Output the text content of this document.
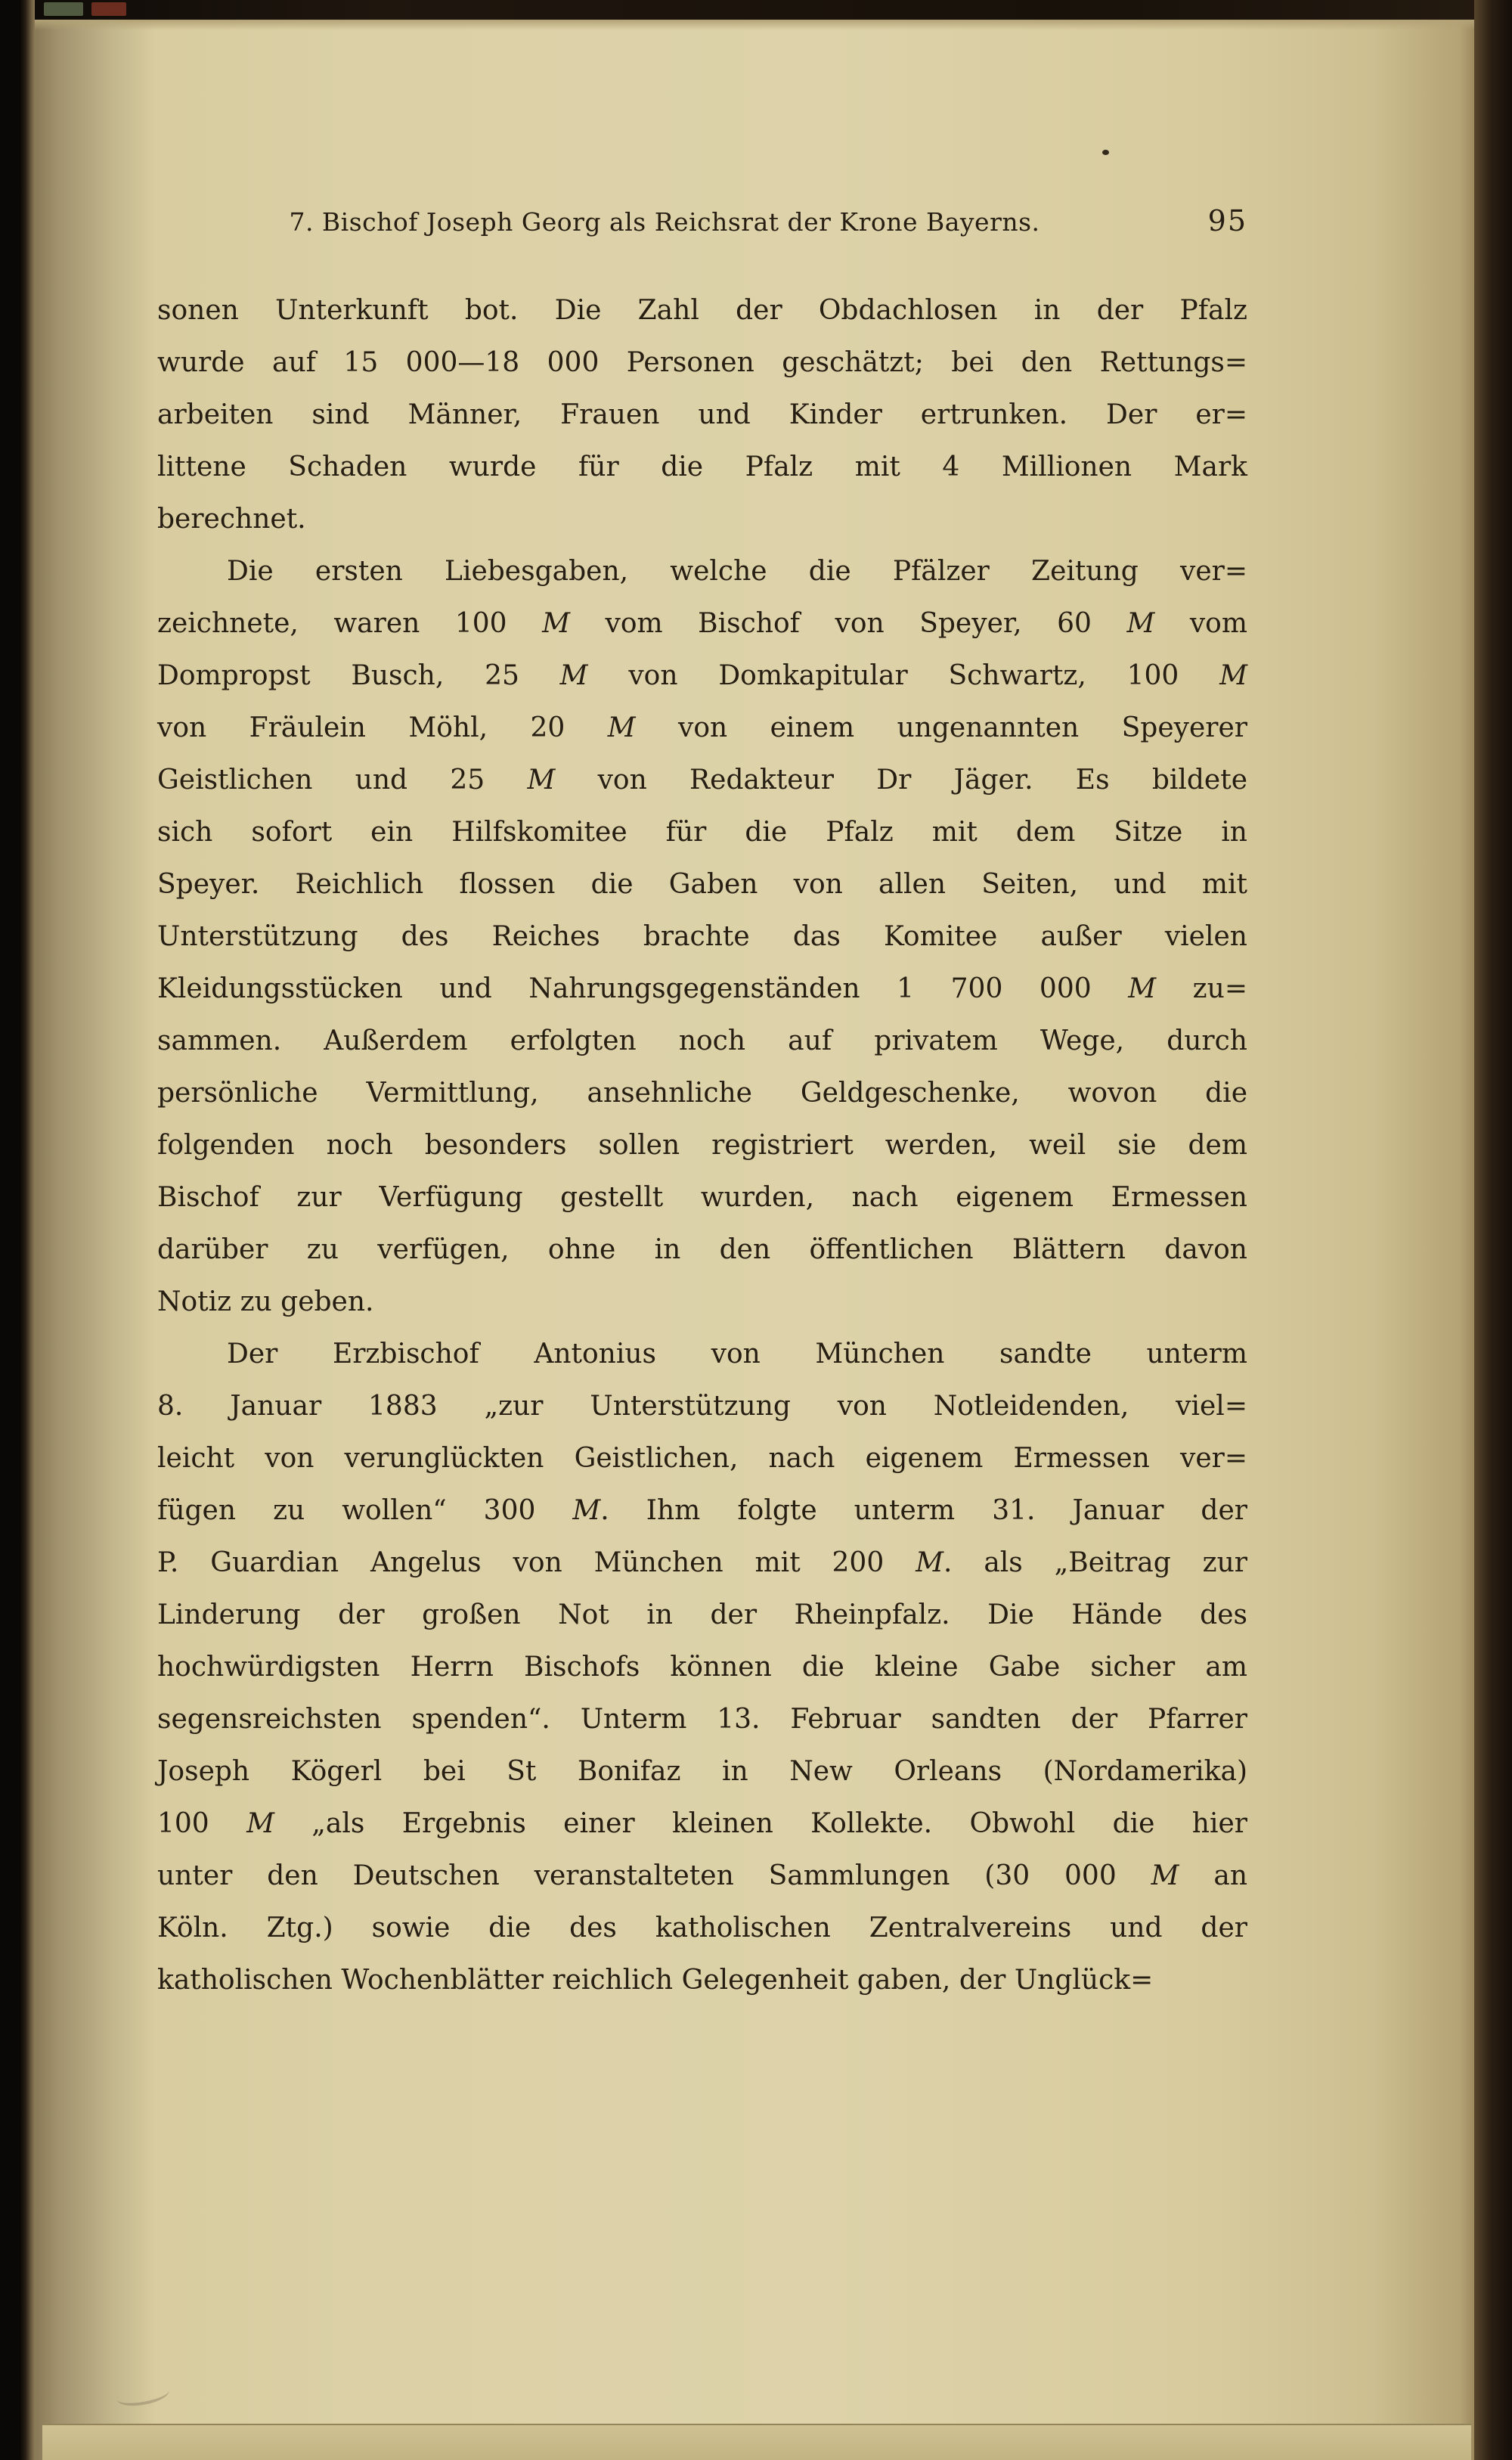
7. Bischof Joseph Georg als Reichsrat der Krone Bayerns.	95
sonen Unterkunft bot. Die Zahl der Obdachlosen in der Pfalz
wurde auf 15 000—18 000 Personen geschätzt; bei den Rettungs=
arbeiten sind Männer, Frauen und Kinder ertrunken. Der er=
littene Schaden wurde für die Pfalz mit 4 Millionen Mark
berechnet.
Die ersten Liebesgaben, welche die Pfälzer Zeitung ver=
zeichnete, waren 100 M vom Bischof von Speyer, 60 M vom
Dompropst Busch, 25 M von Domkapitular Schwartz, 100 M
von Fräulein Möhl, 20 M von einem ungenannten Speyerer
Geistlichen und 25 M von Redakteur Dr Jäger. Es bildete
sich sofort ein Hilfskomitee für die Pfalz mit dem Sitze in
Speyer. Reichlich flossen die Gaben von allen Seiten, und mit
Unterstützung des Reiches brachte das Komitee außer vielen
Kleidungsstücken und Nahrungsgegenständen 1 700 000 M zu=
sammen. Außerdem erfolgten noch auf privatem Wege, durch
persönliche Vermittlung, ansehnliche Geldgeschenke, wovon die
folgenden noch besonders sollen registriert werden, weil sie dem
Bischof zur Verfügung gestellt wurden, nach eigenem Ermessen
darüber zu verfügen, ohne in den öffentlichen Blättern davon
Notiz zu geben.
Der Erzbischof Antonius von München sandte unterm
8. Januar 1883 „zur Unterstützung von Notleidenden, viel=
leicht von verunglückten Geistlichen, nach eigenem Ermessen ver=
fügen zu wollen“ 300 M. Ihm folgte unterm 31. Januar der
P. Guardian Angelus von München mit 200 M. als „Beitrag zur
Linderung der großen Not in der Rheinpfalz. Die Hände des
hochwürdigsten Herrn Bischofs können die kleine Gabe sicher am
segensreichsten spenden“. Unterm 13. Februar sandten der Pfarrer
Joseph Kögerl bei St Bonifaz in New Orleans (Nordamerika)
100 M „als Ergebnis einer kleinen Kollekte. Obwohl die hier
unter den Deutschen veranstalteten Sammlungen (30 000 M an
Köln. Ztg.) sowie die des katholischen Zentralvereins und der
katholischen Wochenblätter reichlich Gelegenheit gaben, der Unglück=
